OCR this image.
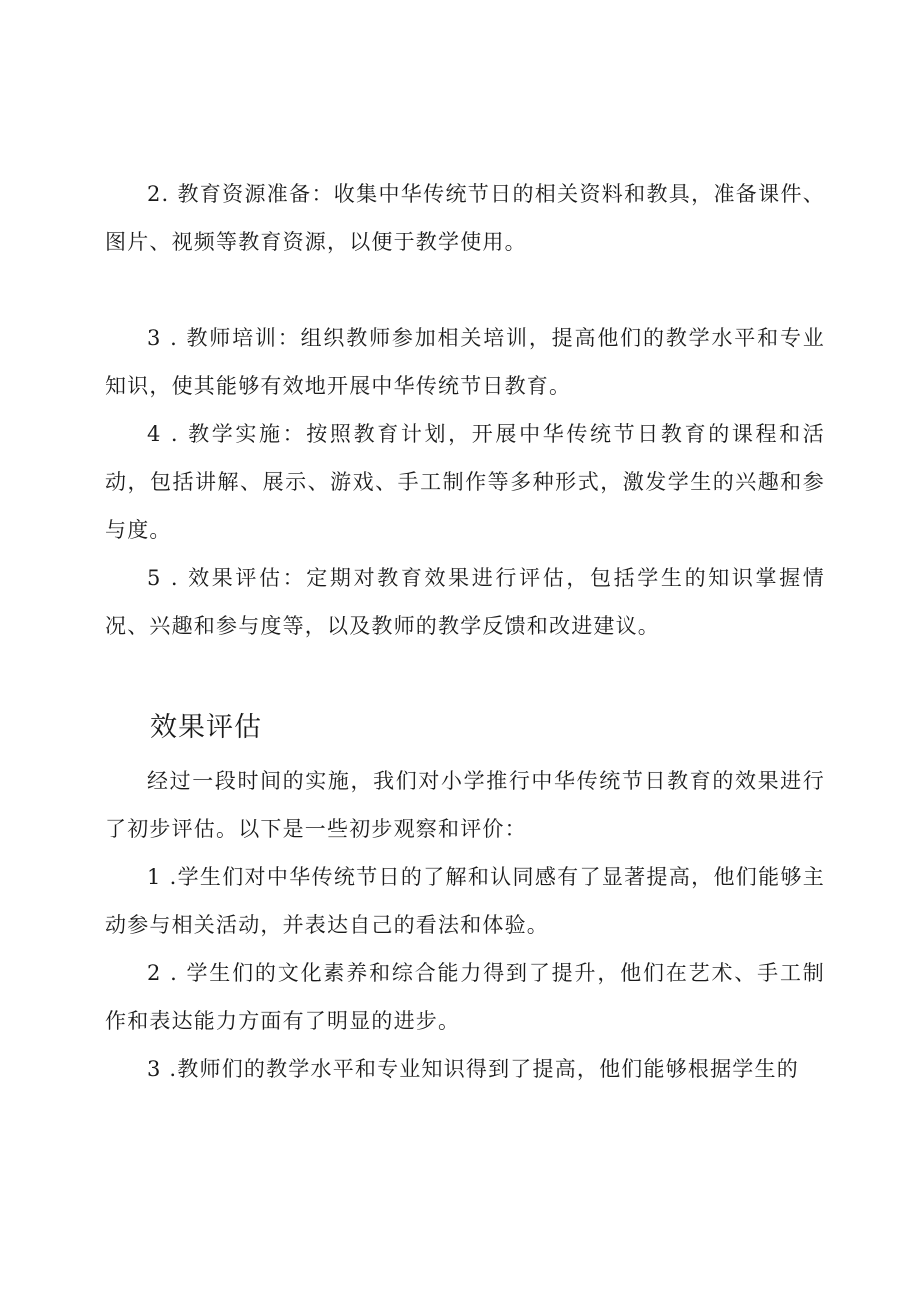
2. 教育资源准备：收集中华传统节日的相关资料和教具，准备课件、图片、视频等教育资源，以便于教学使用。

3 . 教师培训：组织教师参加相关培训，提高他们的教学水平和专业知识，使其能够有效地开展中华传统节日教育。

4 . 教学实施：按照教育计划，开展中华传统节日教育的课程和活动，包括讲解、展示、游戏、手工制作等多种形式，激发学生的兴趣和参与度。

5 . 效果评估：定期对教育效果进行评估，包括学生的知识掌握情况、兴趣和参与度等，以及教师的教学反馈和改进建议。

效果评估

经过一段时间的实施，我们对小学推行中华传统节日教育的效果进行了初步评估。以下是一些初步观察和评价：

1 .学生们对中华传统节日的了解和认同感有了显著提高，他们能够主动参与相关活动，并表达自己的看法和体验。

2 . 学生们的文化素养和综合能力得到了提升，他们在艺术、手工制作和表达能力方面有了明显的进步。

3 .教师们的教学水平和专业知识得到了提高，他们能够根据学生的
